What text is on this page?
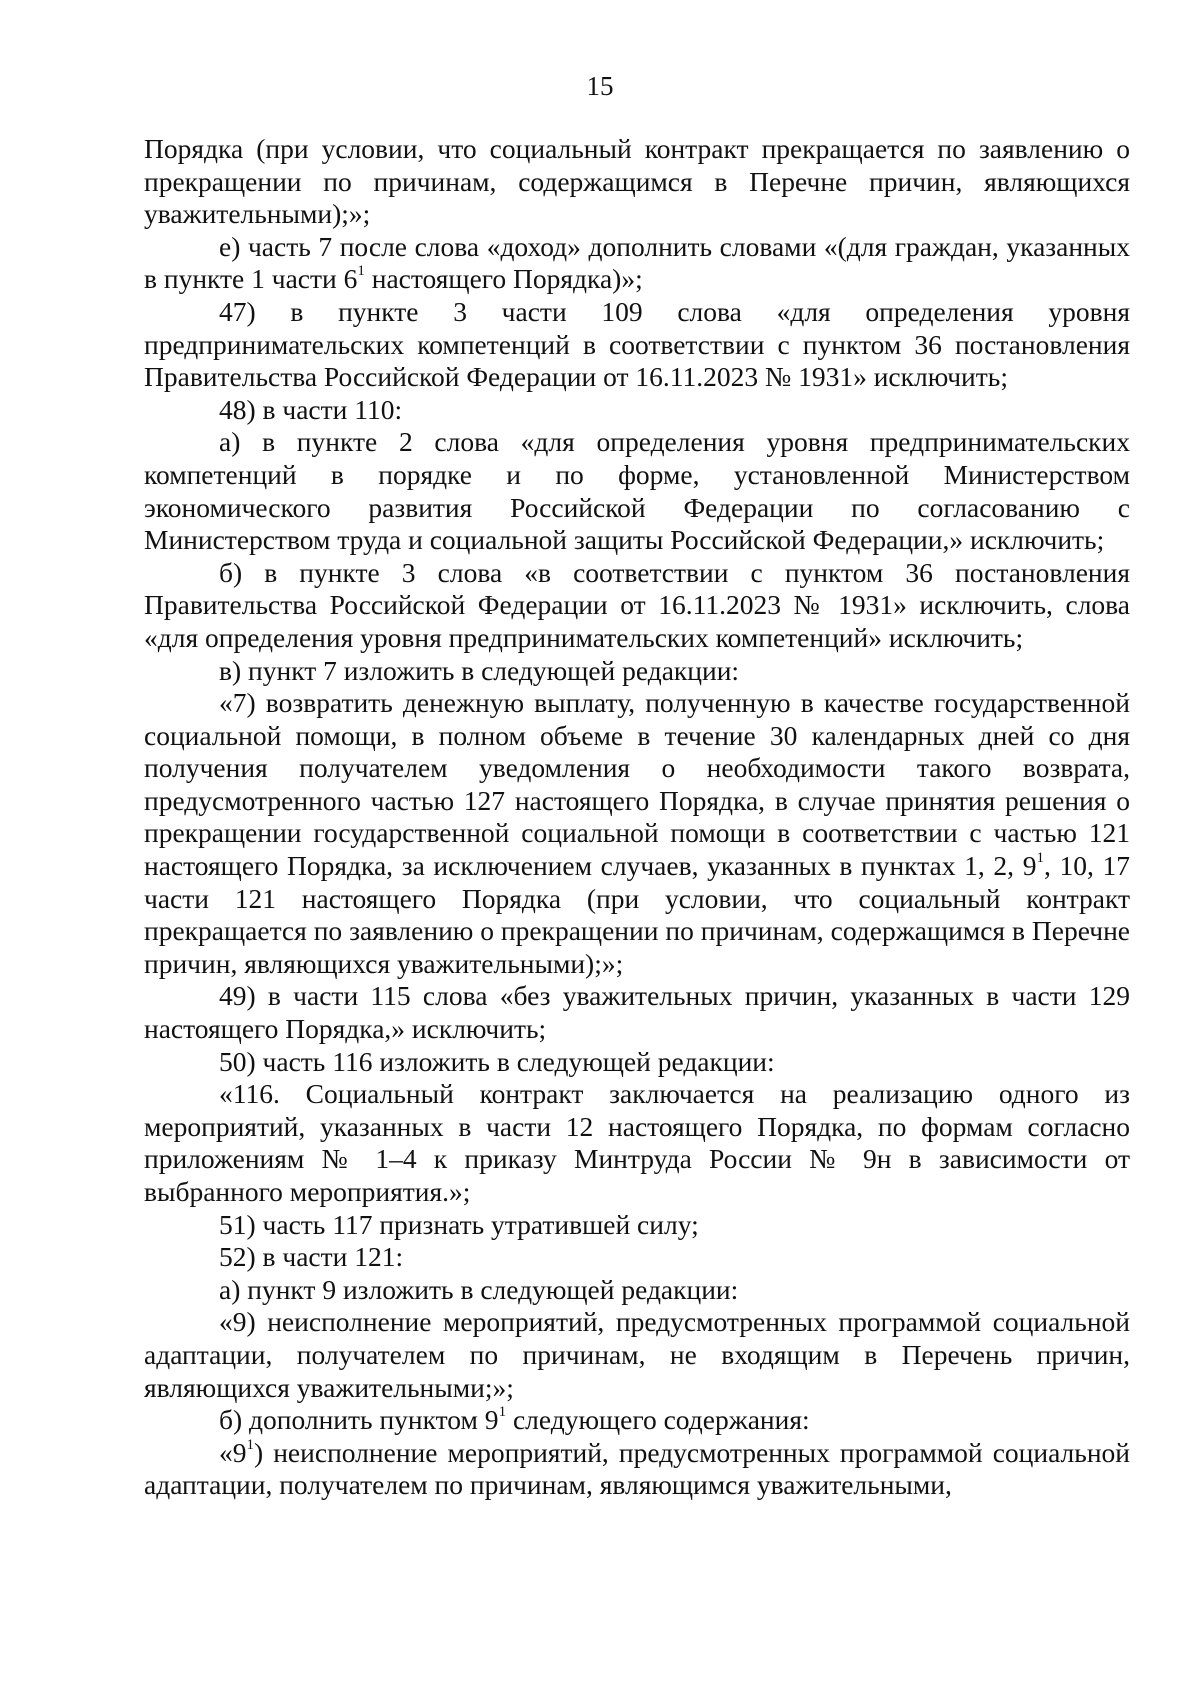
15

Порядка (при условии, что социальный контракт прекращается по заявлению о прекращении по причинам, содержащимся в Перечне причин, являющихся уважительными);»;

е) часть 7 после слова «доход» дополнить словами «(для граждан, указанных в пункте 1 части $6^1$ настоящего Порядка)»;

47) в пункте 3 части 109 слова «для определения уровня предпринимательских компетенций в соответствии с пунктом 36 постановления Правительства Российской Федерации от 16.11.2023 № 1931» исключить;

48) в части 110:

а) в пункте 2 слова «для определения уровня предпринимательских компетенций в порядке и по форме, установленной Министерством экономического развития Российской Федерации по согласованию с Министерством труда и социальной защиты Российской Федерации,» исключить;

б) в пункте 3 слова «в соответствии с пунктом 36 постановления Правительства Российской Федерации от 16.11.2023 № 1931» исключить, слова «для определения уровня предпринимательских компетенций» исключить;

в) пункт 7 изложить в следующей редакции:

«7) возвратить денежную выплату, полученную в качестве государственной социальной помощи, в полном объеме в течение 30 календарных дней со дня получения получателем уведомления о необходимости такого возврата, предусмотренного частью 127 настоящего Порядка, в случае принятия решения о прекращении государственной социальной помощи в соответствии с частью 121 настоящего Порядка, за исключением случаев, указанных в пунктах 1, 2, $9^1$, 10, 17 части 121 настоящего Порядка (при условии, что социальный контракт прекращается по заявлению о прекращении по причинам, содержащимся в Перечне причин, являющихся уважительными);»;

49) в части 115 слова «без уважительных причин, указанных в части 129 настоящего Порядка,» исключить;

50) часть 116 изложить в следующей редакции:

«116. Социальный контракт заключается на реализацию одного из мероприятий, указанных в части 12 настоящего Порядка, по формам согласно приложениям № 1–4 к приказу Минтруда России № 9н в зависимости от выбранного мероприятия.»;

51) часть 117 признать утратившей силу;

52) в части 121:

а) пункт 9 изложить в следующей редакции:

«9) неисполнение мероприятий, предусмотренных программой социальной адаптации, получателем по причинам, не входящим в Перечень причин, являющихся уважительными;»;

б) дополнить пунктом $9^1$ следующего содержания:

«$9^1$) неисполнение мероприятий, предусмотренных программой социальной адаптации, получателем по причинам, являющимся уважительными,
